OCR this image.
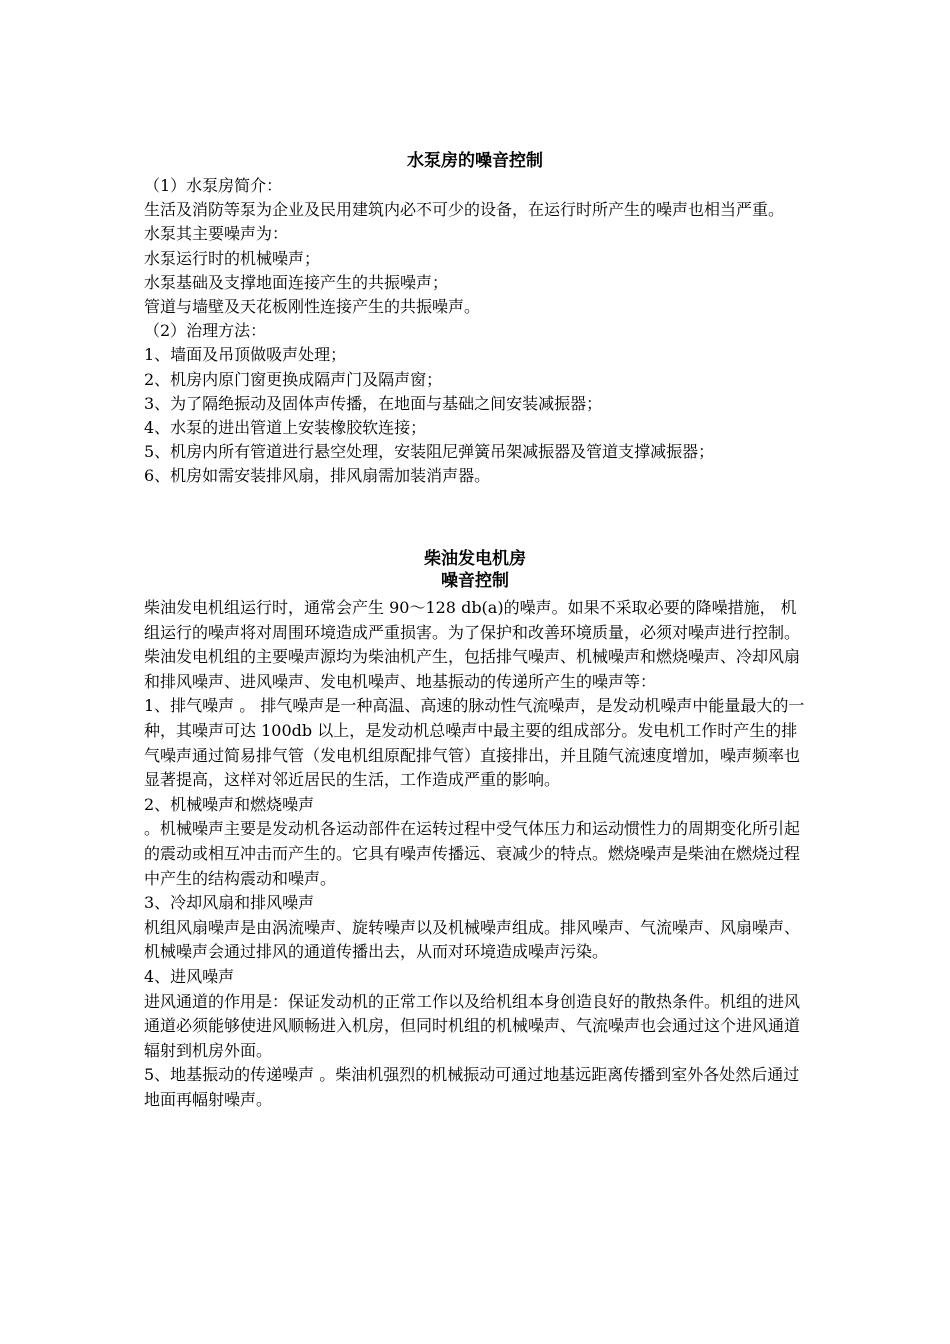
水泵房的噪音控制

（1）水泵房简介：

生活及消防等泵为企业及民用建筑内必不可少的设备，在运行时所产生的噪声也相当严重。

水泵其主要噪声为：

水泵运行时的机械噪声；

水泵基础及支撑地面连接产生的共振噪声；

管道与墙壁及天花板刚性连接产生的共振噪声。

（2）治理方法：

1、墙面及吊顶做吸声处理；

2、机房内原门窗更换成隔声门及隔声窗；

3、为了隔绝振动及固体声传播，在地面与基础之间安装减振器；

4、水泵的进出管道上安装橡胶软连接；

5、机房内所有管道进行悬空处理，安装阻尼弹簧吊架减振器及管道支撑减振器；

6、机房如需安装排风扇，排风扇需加装消声器。

柴油发电机房
噪音控制

柴油发电机组运行时，通常会产生 90～128 db(a)的噪声。如果不采取必要的降噪措施， 机组运行的噪声将对周围环境造成严重损害。为了保护和改善环境质量，必须对噪声进行控制。

柴油发电机组的主要噪声源均为柴油机产生，包括排气噪声、机械噪声和燃烧噪声、冷却风扇和排风噪声、进风噪声、发电机噪声、地基振动的传递所产生的噪声等：

1、排气噪声 。 排气噪声是一种高温、高速的脉动性气流噪声，是发动机噪声中能量最大的一种，其噪声可达 100db 以上，是发动机总噪声中最主要的组成部分。发电机工作时产生的排气噪声通过简易排气管（发电机组原配排气管）直接排出，并且随气流速度增加，噪声频率也显著提高，这样对邻近居民的生活，工作造成严重的影响。

2、机械噪声和燃烧噪声

。机械噪声主要是发动机各运动部件在运转过程中受气体压力和运动惯性力的周期变化所引起的震动或相互冲击而产生的。它具有噪声传播远、衰减少的特点。燃烧噪声是柴油在燃烧过程中产生的结构震动和噪声。

3、冷却风扇和排风噪声

机组风扇噪声是由涡流噪声、旋转噪声以及机械噪声组成。排风噪声、气流噪声、风扇噪声、机械噪声会通过排风的通道传播出去，从而对环境造成噪声污染。

4、进风噪声

进风通道的作用是：保证发动机的正常工作以及给机组本身创造良好的散热条件。机组的进风通道必须能够使进风顺畅进入机房，但同时机组的机械噪声、气流噪声也会通过这个进风通道辐射到机房外面。

5、地基振动的传递噪声 。柴油机强烈的机械振动可通过地基远距离传播到室外各处然后通过地面再幅射噪声。
